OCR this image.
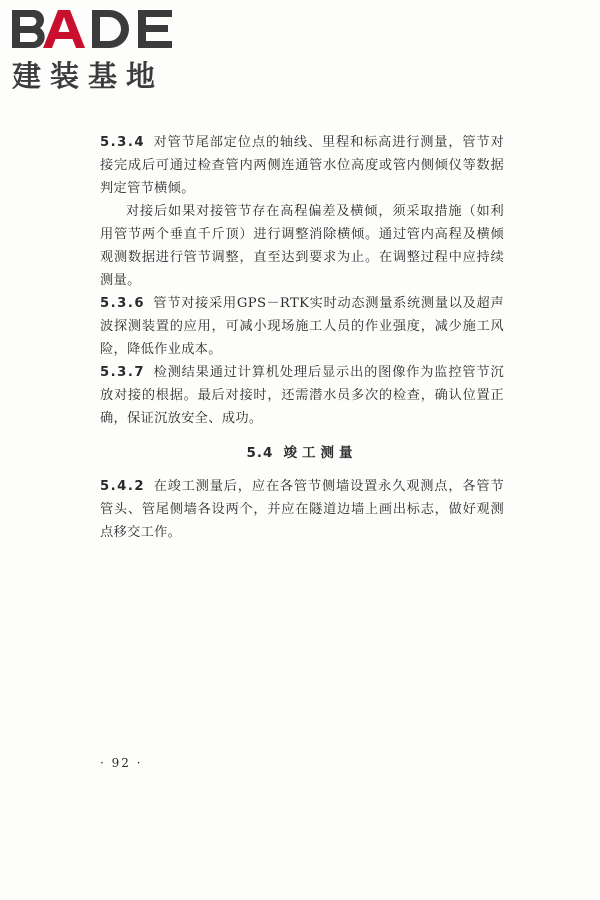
建装基地

5.3.4 对管节尾部定位点的轴线、里程和标高进行测量，管节对接完成后可通过检查管内两侧连通管水位高度或管内侧倾仪等数据判定管节横倾。

对接后如果对接管节存在高程偏差及横倾，须采取措施（如利用管节两个垂直千斤顶）进行调整消除横倾。通过管内高程及横倾观测数据进行管节调整，直至达到要求为止。在调整过程中应持续测量。

5.3.6 管节对接采用GPS－RTK实时动态测量系统测量以及超声波探测装置的应用，可减小现场施工人员的作业强度，减少施工风险，降低作业成本。

5.3.7 检测结果通过计算机处理后显示出的图像作为监控管节沉放对接的根据。最后对接时，还需潜水员多次的检查，确认位置正确，保证沉放安全、成功。

5.4 竣工测量

5.4.2 在竣工测量后，应在各管节侧墙设置永久观测点，各管节管头、管尾侧墙各设两个，并应在隧道边墙上画出标志，做好观测点移交工作。

· 92 ·
